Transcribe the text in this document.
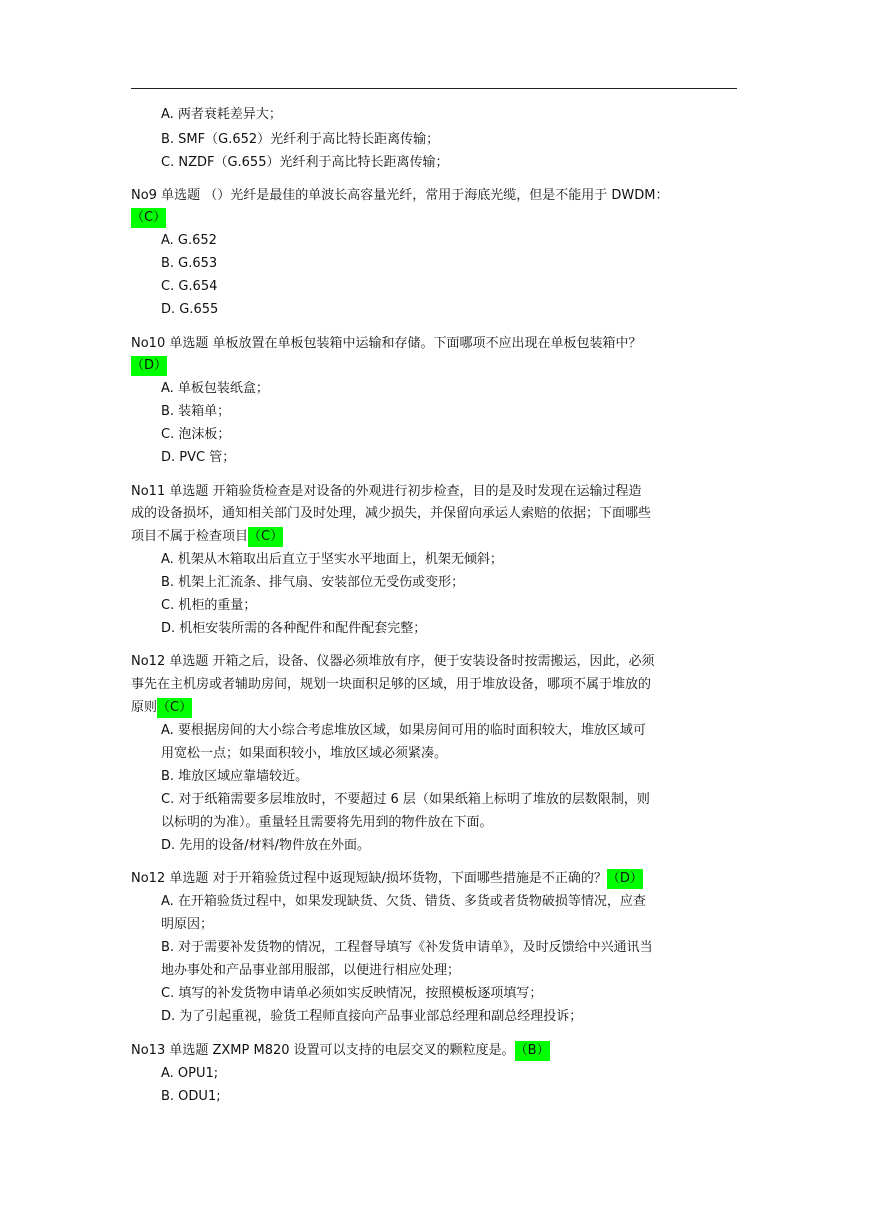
A. 两者衰耗差异大；
B. SMF（G.652）光纤利于高比特长距离传输；
C. NZDF（G.655）光纤利于高比特长距离传输；
No9 单选题 （）光纤是最佳的单波长高容量光纤，常用于海底光缆，但是不能用于 DWDM：
（C）
A. G.652
B. G.653
C. G.654
D. G.655
No10 单选题 单板放置在单板包装箱中运输和存储。下面哪项不应出现在单板包装箱中？
（D）
A. 单板包装纸盒；
B. 装箱单；
C. 泡沫板；
D. PVC 管；
No11 单选题 开箱验货检查是对设备的外观进行初步检查，目的是及时发现在运输过程造
成的设备损坏，通知相关部门及时处理，减少损失，并保留向承运人索赔的依据；下面哪些
项目不属于检查项目（C）
A. 机架从木箱取出后直立于坚实水平地面上，机架无倾斜；
B. 机架上汇流条、排气扇、安装部位无受伤或变形；
C. 机柜的重量；
D. 机柜安装所需的各种配件和配件配套完整；
No12 单选题 开箱之后，设备、仪器必须堆放有序，便于安装设备时按需搬运，因此，必须
事先在主机房或者辅助房间，规划一块面积足够的区域，用于堆放设备，哪项不属于堆放的
原则（C）
A. 要根据房间的大小综合考虑堆放区域，如果房间可用的临时面积较大，堆放区域可
用宽松一点；如果面积较小，堆放区域必须紧凑。
B. 堆放区域应靠墙较近。
C. 对于纸箱需要多层堆放时，不要超过 6 层（如果纸箱上标明了堆放的层数限制，则
以标明的为准）。重量轻且需要将先用到的物件放在下面。
D. 先用的设备/材料/物件放在外面。
No12 单选题 对于开箱验货过程中返现短缺/损坏货物，下面哪些措施是不正确的？（D）
A. 在开箱验货过程中，如果发现缺货、欠货、错货、多货或者货物破损等情况，应查
明原因；
B. 对于需要补发货物的情况，工程督导填写《补发货申请单》，及时反馈给中兴通讯当
地办事处和产品事业部用服部，以便进行相应处理；
C. 填写的补发货物申请单必须如实反映情况，按照模板逐项填写；
D. 为了引起重视，验货工程师直接向产品事业部总经理和副总经理投诉；
No13 单选题 ZXMP M820 设置可以支持的电层交叉的颗粒度是。（B）
A. OPU1;
B. ODU1;
